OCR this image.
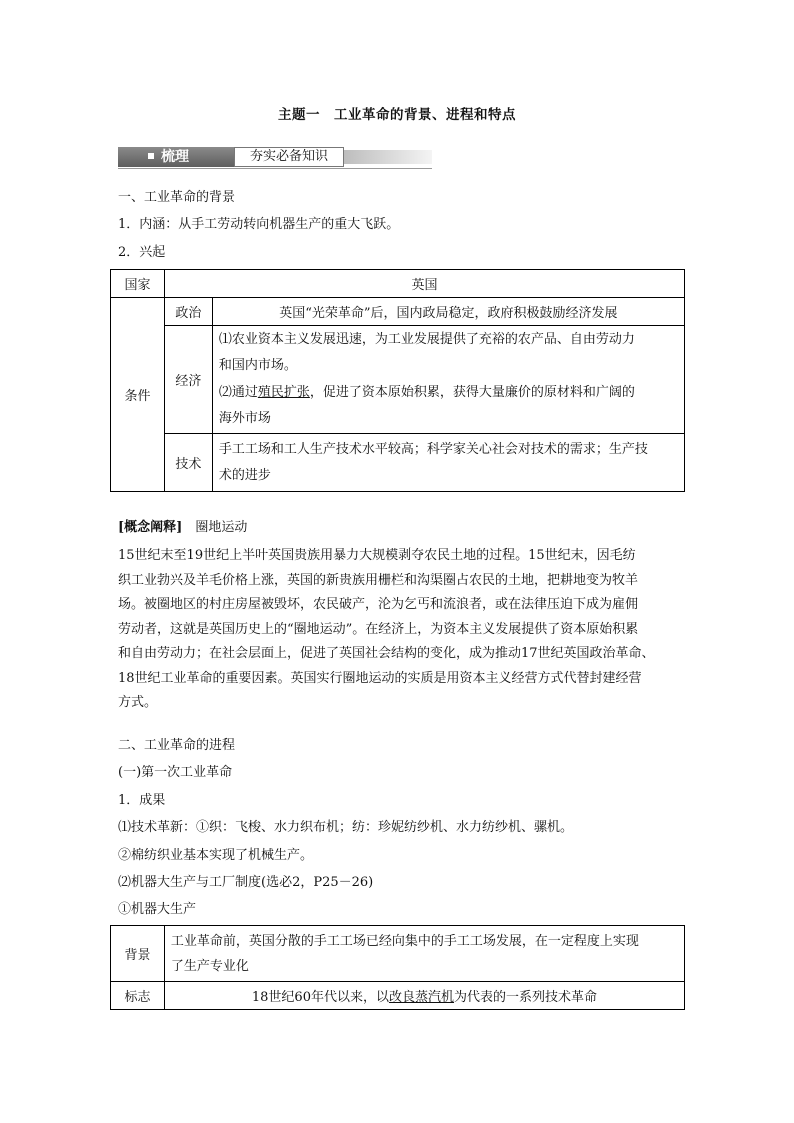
主题一　工业革命的背景、进程和特点
梳理	夯实必备知识
一、工业革命的背景
1．内涵：从手工劳动转向机器生产的重大飞跃。
2．兴起
国家	英国	
条件	政治	英国“光荣革命”后，国内政局稳定，政府积极鼓励经济发展
	经济	⑴农业资本主义发展迅速，为工业发展提供了充裕的农产品、自由劳动力
和国内市场。
⑵通过殖民扩张，促进了资本原始积累，获得大量廉价的原材料和广阔的
海外市场

	技术	手工工场和工人生产技术水平较高；科学家关心社会对技术的需求；生产技
术的进步
[概念阐释]　 圈地运动
15世纪末至19世纪上半叶英国贵族用暴力大规模剥夺农民土地的过程。15世纪末，因毛纺
织工业勃兴及羊毛价格上涨，英国的新贵族用栅栏和沟渠圈占农民的土地，把耕地变为牧羊
场。被圈地区的村庄房屋被毁坏，农民破产，沦为乞丐和流浪者，或在法律压迫下成为雇佣
劳动者，这就是英国历史上的“圈地运动”。在经济上，为资本主义发展提供了资本原始积累
和自由劳动力；在社会层面上，促进了英国社会结构的变化，成为推动17世纪英国政治革命、
18世纪工业革命的重要因素。英国实行圈地运动的实质是用资本主义经营方式代替封建经营
方式。
二、工业革命的进程
(一)第一次工业革命
1．成果
⑴技术革新：①织：飞梭、水力织布机；纺：珍妮纺纱机、水力纺纱机、骡机。
②棉纺织业基本实现了机械生产。
⑵机器大生产与工厂制度(选必2，P25－26)
①机器大生产
背景	工业革命前，英国分散的手工工场已经向集中的手工工场发展，在一定程度上实现
了生产专业化

标志	18世纪60年代以来，以改良蒸汽机为代表的一系列技术革命
